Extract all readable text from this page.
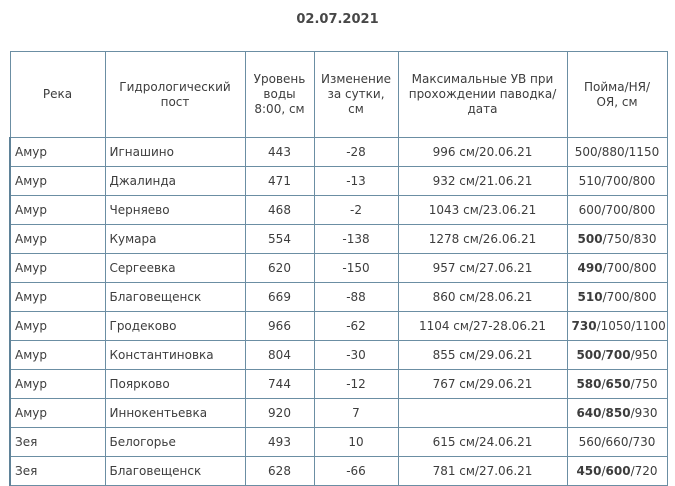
02.07.2021
Река	Гидрологический пост	Уровень воды 8:00, см	Изменение за сутки, см	Максимальные УВ при прохождении паводка/ дата	Пойма/НЯ/ ОЯ, см
Амур	Игнашино	443	-28	996 см/20.06.21	500/880/1150
Амур	Джалинда	471	-13	932 см/21.06.21	510/700/800
Амур	Черняево	468	-2	1043 см/23.06.21	600/700/800
Амур	Кумара	554	-138	1278 см/26.06.21	500/750/830
Амур	Сергеевка	620	-150	957 см/27.06.21	490/700/800
Амур	Благовещенск	669	-88	860 см/28.06.21	510/700/800
Амур	Гродеково	966	-62	1104 см/27-28.06.21	730/1050/1100
Амур	Константиновка	804	-30	855 см/29.06.21	500/700/950
Амур	Поярково	744	-12	767 см/29.06.21	580/650/750
Амур	Иннокентьевка	920	7		640/850/930
Зея	Белогорье	493	10	615 см/24.06.21	560/660/730
Зея	Благовещенск	628	-66	781 см/27.06.21	450/600/720
